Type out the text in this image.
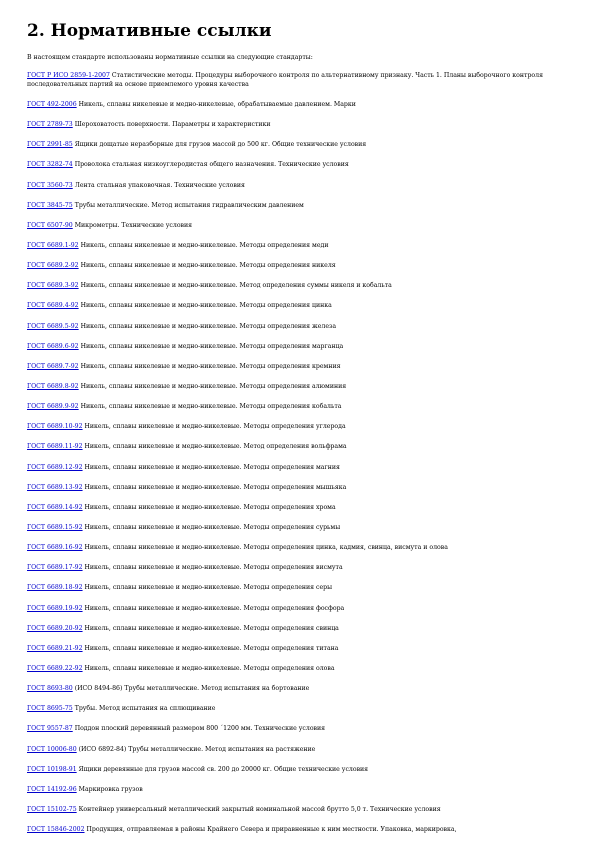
2. Нормативные ссылки
В настоящем стандарте использованы нормативные ссылки на следующие стандарты:
ГОСТ Р ИСО 2859-1-2007 Статистические методы. Процедуры выборочного контроля по альтернативному признаку. Часть 1. Планы выборочного контроля последовательных партий на основе приемлемого уровня качества
ГОСТ 492-2006 Никель, сплавы никелевые и медно-никелевые, обрабатываемые давлением. Марки
ГОСТ 2789-73 Шероховатость поверхности. Параметры и характеристики
ГОСТ 2991-85 Ящики дощатые неразборные для грузов массой до 500 кг. Общие технические условия
ГОСТ 3282-74 Проволока стальная низкоуглеродистая общего назначения. Технические условия
ГОСТ 3560-73 Лента стальная упаковочная. Технические условия
ГОСТ 3845-75 Трубы металлические. Метод испытания гидравлическим давлением
ГОСТ 6507-90 Микрометры. Технические условия
ГОСТ 6689.1-92 Никель, сплавы никелевые и медно-никелевые. Методы определения меди
ГОСТ 6689.2-92 Никель, сплавы никелевые и медно-никелевые. Методы определения никеля
ГОСТ 6689.3-92 Никель, сплавы никелевые и медно-никелевые. Метод определения суммы никеля и кобальта
ГОСТ 6689.4-92 Никель, сплавы никелевые и медно-никелевые. Методы определения цинка
ГОСТ 6689.5-92 Никель, сплавы никелевые и медно-никелевые. Методы определения железа
ГОСТ 6689.6-92 Никель, сплавы никелевые и медно-никелевые. Методы определения марганца
ГОСТ 6689.7-92 Никель, сплавы никелевые и медно-никелевые. Методы определения кремния
ГОСТ 6689.8-92 Никель, сплавы никелевые и медно-никелевые. Методы определения алюминия
ГОСТ 6689.9-92 Никель, сплавы никелевые и медно-никелевые. Методы определения кобальта
ГОСТ 6689.10-92 Никель, сплавы никелевые и медно-никелевые. Методы определения углерода
ГОСТ 6689.11-92 Никель, сплавы никелевые и медно-никелевые. Метод определения вольфрама
ГОСТ 6689.12-92 Никель, сплавы никелевые и медно-никелевые. Методы определения магния
ГОСТ 6689.13-92 Никель, сплавы никелевые и медно-никелевые. Методы определения мышьяка
ГОСТ 6689.14-92 Никель, сплавы никелевые и медно-никелевые. Методы определения хрома
ГОСТ 6689.15-92 Никель, сплавы никелевые и медно-никелевые. Методы определения сурьмы
ГОСТ 6689.16-92 Никель, сплавы никелевые и медно-никелевые. Методы определения цинка, кадмия, свинца, висмута и олова
ГОСТ 6689.17-92 Никель, сплавы никелевые и медно-никелевые. Методы определения висмута
ГОСТ 6689.18-92 Никель, сплавы никелевые и медно-никелевые. Методы определения серы
ГОСТ 6689.19-92 Никель, сплавы никелевые и медно-никелевые. Методы определения фосфора
ГОСТ 6689.20-92 Никель, сплавы никелевые и медно-никелевые. Методы определения свинца
ГОСТ 6689.21-92 Никель, сплавы никелевые и медно-никелевые. Методы определения титана
ГОСТ 6689.22-92 Никель, сплавы никелевые и медно-никелевые. Методы определения олова
ГОСТ 8693-80 (ИСО 8494-86) Трубы металлические. Метод испытания на бортование
ГОСТ 8695-75 Трубы. Метод испытания на сплющивание
ГОСТ 9557-87 Поддон плоский деревянный размером 800 ´1200 мм. Технические условия
ГОСТ 10006-80 (ИСО 6892-84) Трубы металлические. Метод испытания на растяжение
ГОСТ 10198-91 Ящики деревянные для грузов массой св. 200 до 20000 кг. Общие технические условия
ГОСТ 14192-96 Маркировка грузов
ГОСТ 15102-75 Контейнер универсальный металлический закрытый номинальной массой брутто 5,0 т. Технические условия
ГОСТ 15846-2002 Продукция, отправляемая в районы Крайнего Севера и приравненные к ним местности. Упаковка, маркировка,
